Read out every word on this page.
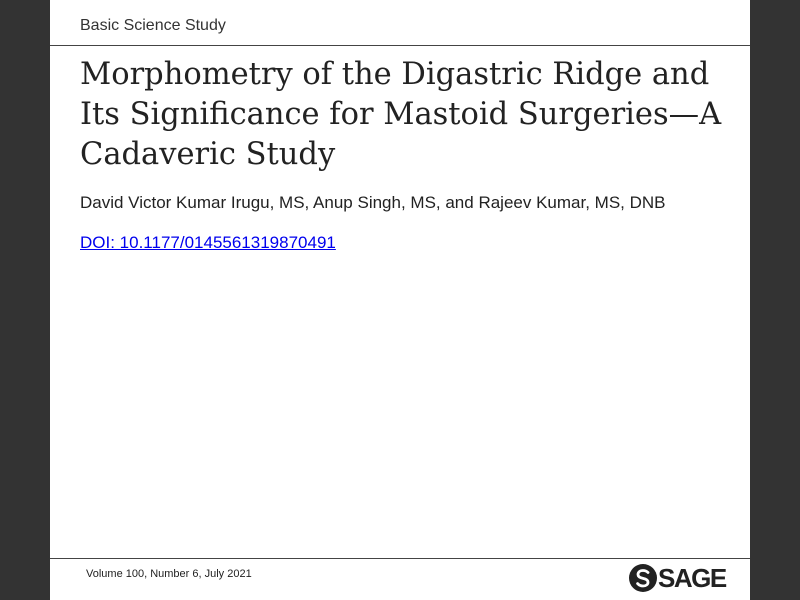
Basic Science Study
Morphometry of the Digastric Ridge and Its Significance for Mastoid Surgeries—A Cadaveric Study
David Victor Kumar Irugu, MS, Anup Singh, MS, and Rajeev Kumar, MS, DNB
DOI: 10.1177/0145561319870491
Volume 100, Number 6, July 2021	SAGE
